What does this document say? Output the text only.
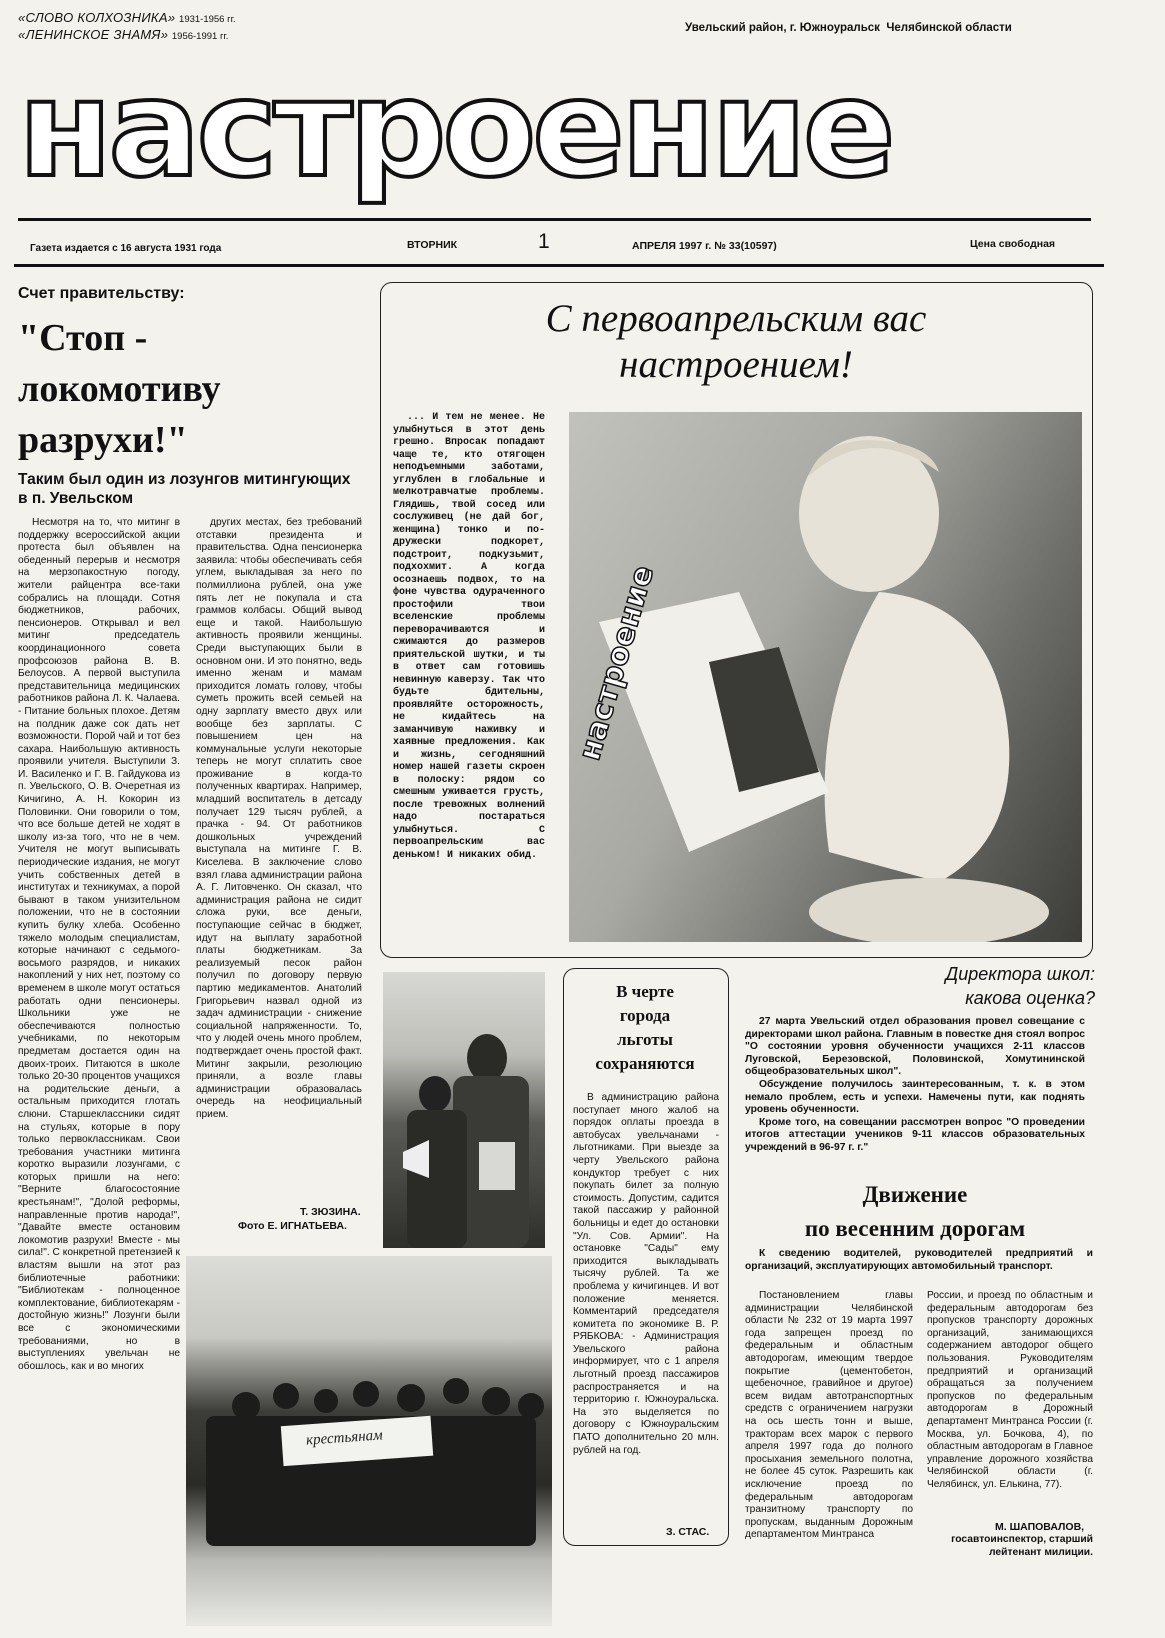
«СЛОВО КОЛХОЗНИКА» 1931-1956 гг.
«ЛЕНИНСКОЕ ЗНАМЯ» 1956-1991 гг.
Увельский район, г. Южноуральск  Челябинской области
настроение
Газета издается с 16 августа 1931 года	ВТОРНИК	1	АПРЕЛЯ 1997 г. № 33(10597)	Цена свободная
Счет правительству:
"Стоп -
локомотиву
разрухи!"
Таким был один из лозунгов митингующих в п. Увельском

Несмотря на то, что митинг в поддержку всероссийской акции протеста был объявлен на обеденный перерыв и несмотря на мерзопакостную погоду, жители райцентра все-таки собрались на площади. Сотня бюджетников, рабочих, пенсионеров. Открывал и вел митинг председатель координационного совета профсоюзов района В. В. Белоусов. А первой выступила представительница медицинских работников района Л. К. Чалаева. - Питание больных плохое. Детям на полдник даже сок дать нет возможности. Порой чай и тот без сахара. Наибольшую активность проявили учителя. Выступили З. И. Василенко и Г. В. Гайдукова из п. Увельского, О. В. Очеретная из Кичигино, А. Н. Кокорин из Половинки. Они говорили о том, что все больше детей не ходят в школу из-за того, что не в чем. Учителя не могут выписывать периодические издания, не могут учить собственных детей в институтах и техникумах, а порой бывают в таком унизительном положении, что не в состоянии купить булку хлеба. Особенно тяжело молодым специалистам, которые начинают с седьмого-восьмого разрядов, и никаких накоплений у них нет, поэтому со временем в школе могут остаться работать одни пенсионеры. Школьники уже не обеспечиваются полностью учебниками, по некоторым предметам достается один на двоих-троих. Питаются в школе только 20-30 процентов учащихся на родительские деньги, а остальным приходится глотать слюни. Старшеклассники сидят на стульях, которые в пору только первоклассникам. Свои требования участники митинга коротко выразили лозунгами, с которых пришли на него: "Верните благосостояние крестьянам!", "Долой реформы, направленные против народа!", "Давайте вместе остановим локомотив разрухи! Вместе - мы сила!". С конкретной претензией к властям вышли на этот раз библиотечные работники: "Библиотекам - полноценное комплектование, библиотекарям - достойную жизнь!" Лозунги были все с экономическими требованиями, но в выступлениях увельчан не обошлось, как и во многих

других местах, без требований отставки президента и правительства. Одна пенсионерка заявила: чтобы обеспечивать себя углем, выкладывая за него по полмиллиона рублей, она уже пять лет не покупала и ста граммов колбасы. Общий вывод еще и такой. Наибольшую активность проявили женщины. Среди выступающих были в основном они. И это понятно, ведь именно женам и мамам приходится ломать голову, чтобы суметь прожить всей семьей на одну зарплату вместо двух или вообще без зарплаты. С повышением цен на коммунальные услуги некоторые теперь не могут сплатить свое проживание в когда-то полученных квартирах. Например, младший воспитатель в детсаду получает 129 тысяч рублей, а прачка - 94. От работников дошкольных учреждений выступала на митинге Г. В. Киселева. В заключение слово взял глава администрации района А. Г. Литовченко. Он сказал, что администрация района не сидит сложа руки, все деньги, поступающие сейчас в бюджет, идут на выплату заработной платы бюджетникам. За реализуемый песок район получил по договору первую партию медикаментов. Анатолий Григорьевич назвал одной из задач администрации - снижение социальной напряженности. То, что у людей очень много проблем, подтверждает очень простой факт. Митинг закрыли, резолюцию приняли, а возле главы администрации образовалась очередь на неофициальный прием.

Т. ЗЮЗИНА.
Фото Е. ИГНАТЬЕВА.
крестьянам
С первоапрельским вас
настроением!

... И тем не менее. Не улыбнуться в этот день грешно. Впросак попадают чаще те, кто отягощен неподъемными заботами, углублен в глобальные и мелкотравчатые проблемы. Глядишь, твой сосед или сослуживец (не дай бог, женщина) тонко и по-дружески подкорет, подстроит, подкузьмит, подхохмит. А когда осознаешь подвох, то на фоне чувства одураченного простофили твои вселенские проблемы переворачиваются и сжимаются до размеров приятельской шутки, и ты в ответ сам готовишь невинную каверзу. Так что будьте бдительны, проявляйте осторожность, не кидайтесь на заманчивую наживку и хаявные предложения. Как и жизнь, сегодняшний номер нашей газеты скроен в полоску: рядом со смешным уживается грусть, после тревожных волнений надо постараться улыбнуться. С первоапрельским вас деньком! И никаких обид.

настроение
В черте
города
льготы
сохраняются

В администрацию района поступает много жалоб на порядок оплаты проезда в автобусах увельчанами - льготниками. При выезде за черту Увельского района кондуктор требует с них покупать билет за полную стоимость. Допустим, садится такой пассажир у районной больницы и едет до остановки "Ул. Сов. Армии". На остановке "Сады" ему приходится выкладывать тысячу рублей. Та же проблема у кичигинцев. И вот положение меняется. Комментарий председателя комитета по экономике В. Р. РЯБКОВА: - Администрация Увельского района информирует, что с 1 апреля льготный проезд пассажиров распространяется и на территорию г. Южноуральска. На это выделяется по договору с Южноуральским ПАТО дополнительно 20 млн. рублей на год.

З. СТАС.
Директора школ:
какова оценка?

27 марта Увельский отдел образования провел совещание с директорами школ района. Главным в повестке дня стоял вопрос "О состоянии уровня обученности учащихся 2-11 классов Луговской, Березовской, Половинской, Хомутининской общеобразовательных школ".

Обсуждение получилось заинтересованным, т. к. в этом немало проблем, есть и успехи. Намечены пути, как поднять уровень обученности.

Кроме того, на совещании рассмотрен вопрос "О проведении итогов аттестации учеников 9-11 классов образовательных учреждений в 96-97 г. г."

Движение
по весенним дорогам

К сведению водителей, руководителей предприятий и организаций, эксплуатирующих автомобильный транспорт.

Постановлением главы администрации Челябинской области № 232 от 19 марта 1997 года запрещен проезд по федеральным и областным автодорогам, имеющим твердое покрытие (цементобетон, щебеночное, гравийное и другое) всем видам автотранспортных средств с ограничением нагрузки на ось шесть тонн и выше, тракторам всех марок с первого апреля 1997 года до полного просыхания земельного полотна, не более 45 суток. Разрешить как исключение проезд по федеральным автодорогам транзитному транспорту по пропускам, выданным Дорожным департаментом Минтранса

России, и проезд по областным и федеральным автодорогам без пропусков транспорту дорожных организаций, занимающихся содержанием автодорог общего пользования. Руководителям предприятий и организаций обращаться за получением пропусков по федеральным автодорогам в Дорожный департамент Минтранса России (г. Москва, ул. Бочкова, 4), по областным автодорогам в Главное управление дорожного хозяйства Челябинской области (г. Челябинск, ул. Елькина, 77).

М. ШАПОВАЛОВ,
госавтоинспектор, старший лейтенант милиции.
